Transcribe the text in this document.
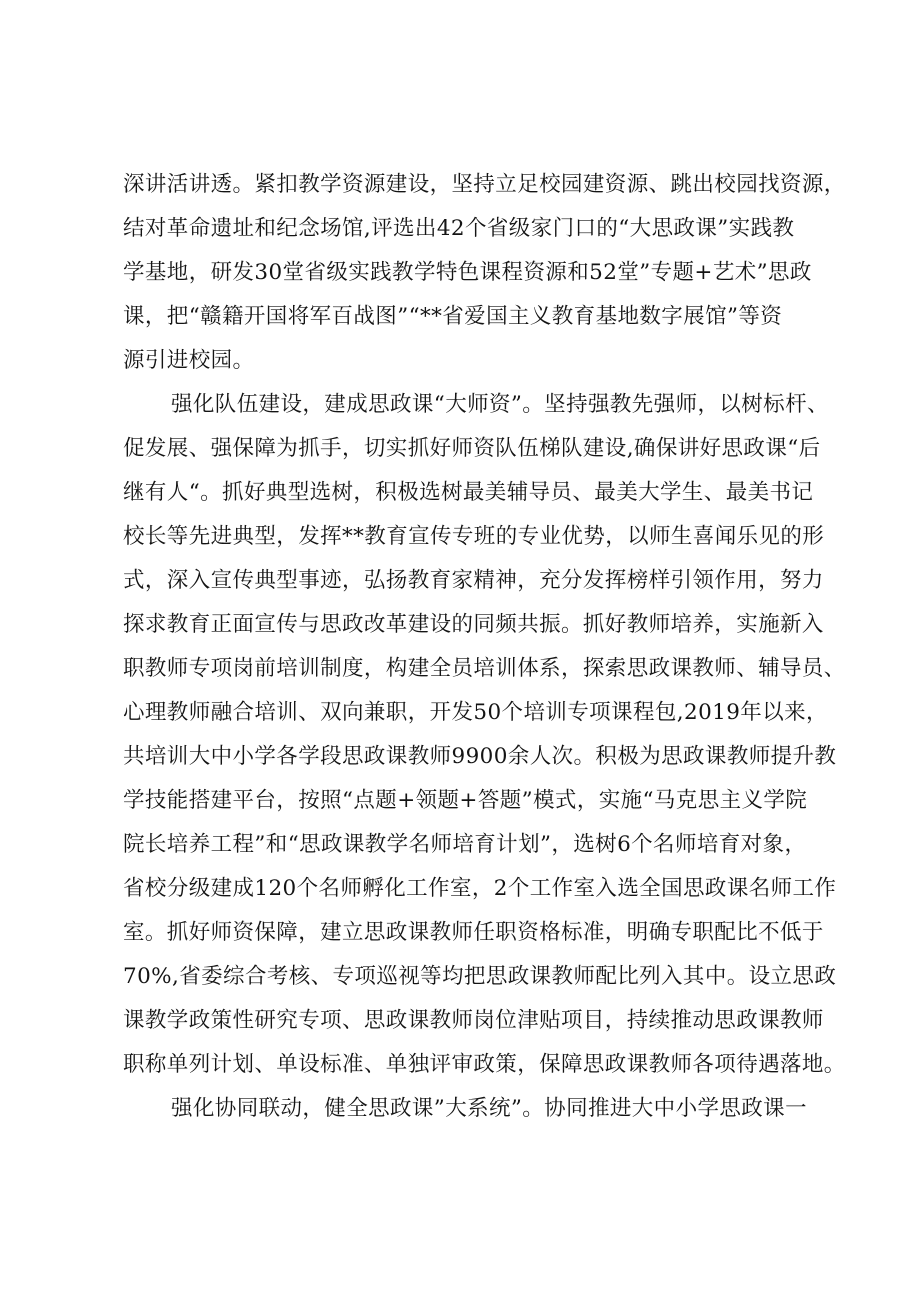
深讲活讲透。紧扣教学资源建设，坚持立足校园建资源、跳出校园找资源，
结对革命遗址和纪念场馆,评选出42个省级家门口的“大思政课”实践教
学基地，研发30堂省级实践教学特色课程资源和52堂”专题+艺术”思政
课，把“赣籍开国将军百战图”“**省爱国主义教育基地数字展馆”等资
源引进校园。
强化队伍建设，建成思政课“大师资”。坚持强教先强师，以树标杆、
促发展、强保障为抓手，切实抓好师资队伍梯队建设,确保讲好思政课“后
继有人“。抓好典型选树，积极选树最美辅导员、最美大学生、最美书记
校长等先进典型，发挥**教育宣传专班的专业优势，以师生喜闻乐见的形
式，深入宣传典型事迹，弘扬教育家精神，充分发挥榜样引领作用，努力
探求教育正面宣传与思政改革建设的同频共振。抓好教师培养，实施新入
职教师专项岗前培训制度，构建全员培训体系，探索思政课教师、辅导员、
心理教师融合培训、双向兼职，开发50个培训专项课程包,2019年以来，
共培训大中小学各学段思政课教师9900余人次。积极为思政课教师提升教
学技能搭建平台，按照“点题+领题+答题”模式，实施“马克思主义学院
院长培养工程”和“思政课教学名师培育计划”，选树6个名师培育对象，
省校分级建成120个名师孵化工作室，2个工作室入选全国思政课名师工作
室。抓好师资保障，建立思政课教师任职资格标准，明确专职配比不低于
70%,省委综合考核、专项巡视等均把思政课教师配比列入其中。设立思政
课教学政策性研究专项、思政课教师岗位津贴项目，持续推动思政课教师
职称单列计划、单设标准、单独评审政策，保障思政课教师各项待遇落地。
强化协同联动，健全思政课”大系统”。协同推进大中小学思政课一
